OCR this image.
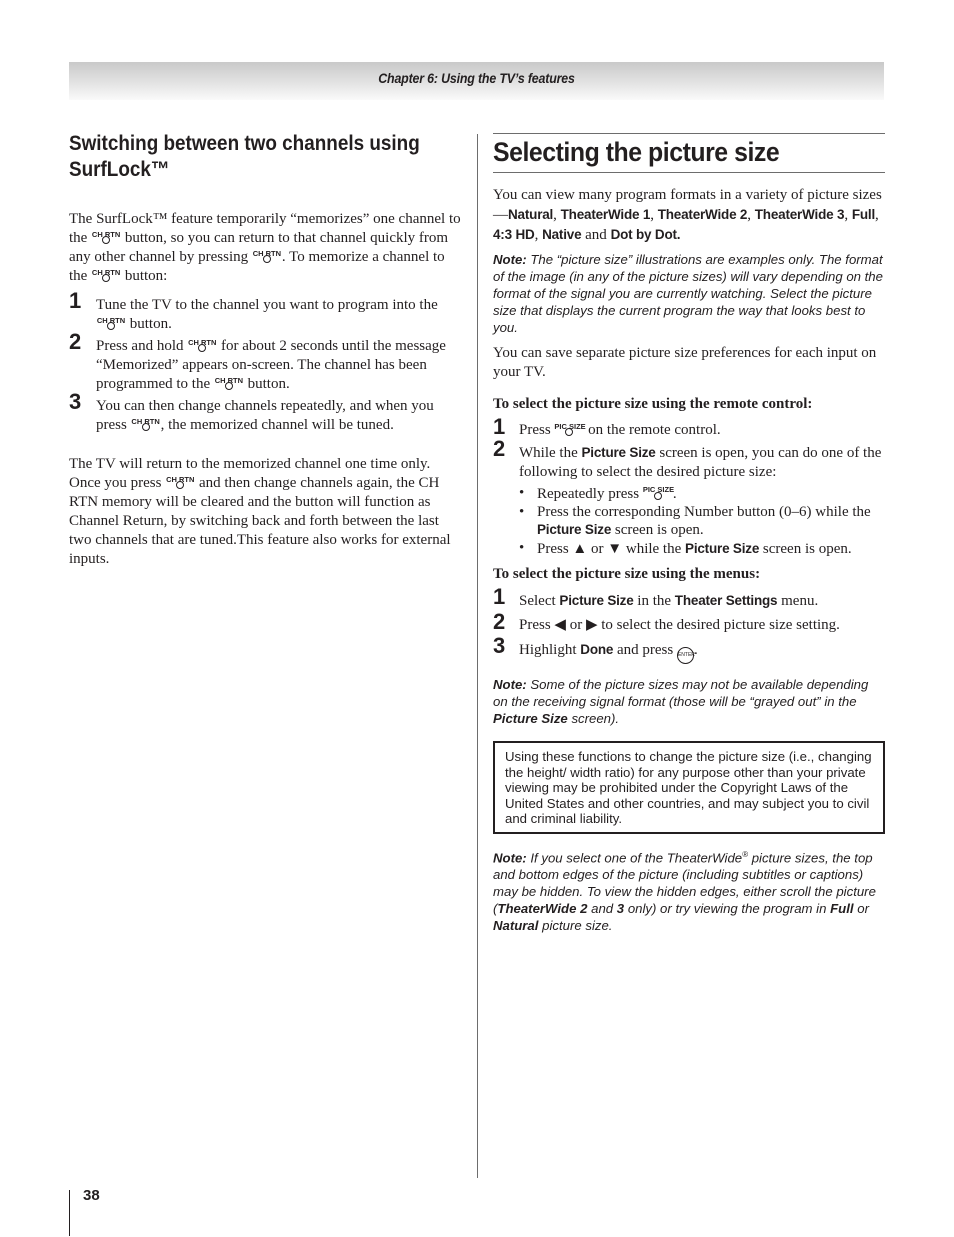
Chapter 6: Using the TV’s features
Switching between two channels using SurfLock™

The SurfLock™ feature temporarily “memorizes” one channel to the CH RTN button, so you can return to that channel quickly from any other channel by pressing CH RTN . To memorize a channel to the CH RTN button:

1 Tune the TV to the channel you want to program into the

CH RTN button.
2 Press and hold CH RTN for about 2 seconds until the message “Memorized” appears on-screen. The channel has been programmed to the CH RTN button.
3 You can then change channels repeatedly, and when you press CH RTN , the memorized channel will be tuned.

The TV will return to the memorized channel one time only. Once you press CH RTN and then change channels again, the CH RTN memory will be cleared and the button will function as Channel Return, by switching back and forth between the last two channels that are tuned.This feature also works for external inputs.

Selecting the picture size

You can view many program formats in a variety of picture sizes—Natural, TheaterWide 1, TheaterWide 2, TheaterWide 3, Full, 4:3 HD, Native and Dot by Dot.

Note: The “picture size” illustrations are examples only. The format of the image (in any of the picture sizes) will vary depending on the format of the signal you are currently watching. Select the picture size that displays the current program the way that looks best to you.

You can save separate picture size preferences for each input on your TV.

To select the picture size using the remote control:
1 Press PIC SIZE on the remote control.
2 While the Picture Size screen is open, you can do one of the following to select the desired picture size:
• Repeatedly press PIC SIZE
.
• Press the corresponding Number button (0–6) while the Picture Size screen is open.
• Press ▲ or ▼ while the Picture Size screen is open.
To select the picture size using the menus:
1 Select Picture Size in the Theater Settings menu.
2 Press ◀ or ▶ to select the desired picture size setting.
3 Highlight Done and press ENTER.
Note: Some of the picture sizes may not be available depending on the receiving signal format (those will be “grayed out” in the Picture Size screen).
Using these functions to change the picture size (i.e., changing the height/ width ratio) for any purpose other than your private viewing may be prohibited under the Copyright Laws of the United States and other countries, and may subject you to civil and criminal liability.
Note: If you select one of the TheaterWide® picture sizes, the top and bottom edges of the picture (including subtitles or captions) may be hidden. To view the hidden edges, either scroll the picture (TheaterWide 2 and 3 only) or try viewing the program in Full or Natural picture size.
38
